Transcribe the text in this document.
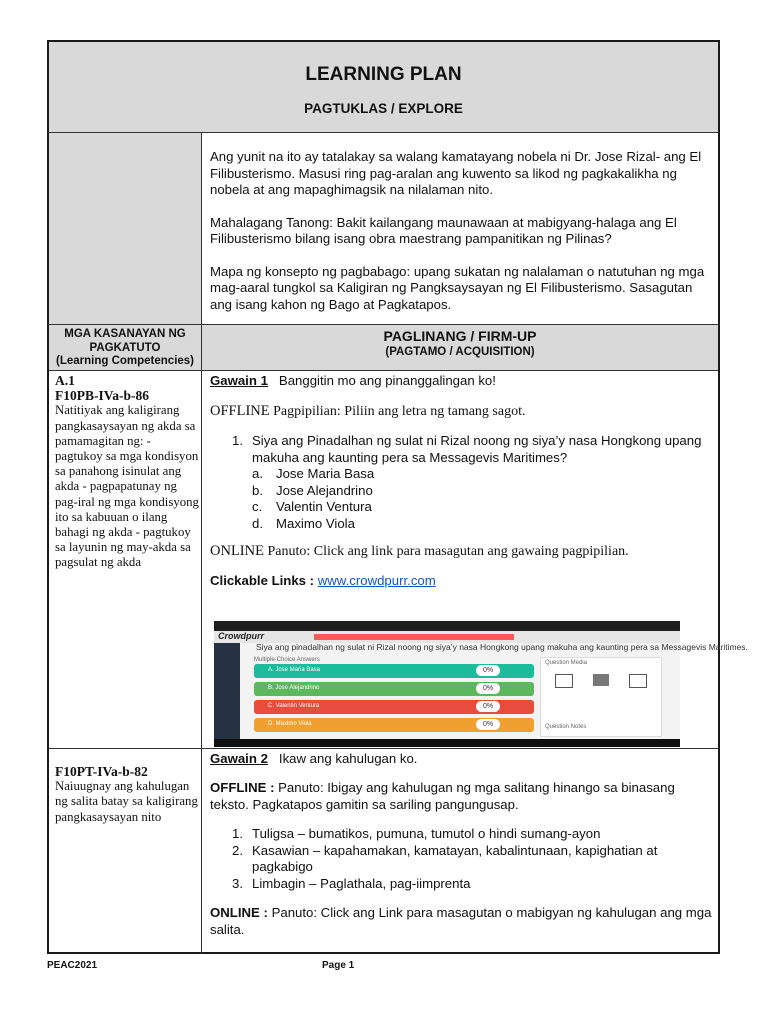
LEARNING PLAN
PAGTUKLAS / EXPLORE

Ang yunit na ito ay tatalakay sa walang kamatayang nobela ni Dr. Jose Rizal- ang El Filibusterismo. Masusi ring pag-aralan ang kuwento sa likod ng pagkakalikha ng nobela at ang mapaghimagsik na nilalaman nito.

Mahalagang Tanong: Bakit kailangang maunawaan at mabigyang-halaga ang El Filibusterismo bilang isang obra maestrang pampanitikan ng Pilinas?

Mapa ng konsepto ng pagbabago: upang sukatan ng nalalaman o natutuhan ng mga mag-aaral tungkol sa Kaligiran ng Pangksaysayan ng El Filibusterismo. Sasagutan ang isang kahon ng Bago at Pagkatapos.

MGA KASANAYAN NG
PAGKATUTO
(Learning Competencies)
PAGLINANG / FIRM-UP
(PAGTAMO / ACQUISITION)
A.1
F10PB-IVa-b-86
Natitiyak ang kaligirang pangkasaysayan ng akda sa pamamagitan ng: - pagtukoy sa mga kondisyon sa panahong isinulat ang akda - pagpapatunay ng pag-iral ng mga kondisyong ito sa kabuuan o ilang bahagi ng akda - pagtukoy sa layunin ng may-akda sa pagsulat ng akda
Gawain 1 Banggitin mo ang pinanggalingan ko!
OFFLINE Pagpipilian: Piliin ang letra ng tamang sagot.
1. Siya ang Pinadalhan ng sulat ni Rizal noong ng siya’y nasa Hongkong upang makuha ang kaunting pera sa Messagevis Maritimes?
a. Jose Maria Basa
b. Jose Alejandrino
c. Valentin Ventura
d. Maximo Viola
ONLINE Panuto: Click ang link para masagutan ang gawaing pagpipilian.
Clickable Links : www.crowdpurr.com
Crowdpurr
Siya ang pinadalhan ng sulat ni Rizal noong ng siya’y nasa Hongkong upang makuha ang kaunting pera sa Messagevis Maritimes.
Multiple-Choice Answers
A. Jose Maria Basa	0%
B. Jose Alejandrino	0%
C. Valentin Ventura	0%
D. Maximo Viola	0%
Question Media
Question Notes
F10PT-IVa-b-82
Naiuugnay ang kahulugan ng salita batay sa kaligirang pangkasaysayan nito
Gawain 2 Ikaw ang kahulugan ko.
OFFLINE : Panuto: Ibigay ang kahulugan ng mga salitang hinango sa binasang teksto. Pagkatapos gamitin sa sariling pangungusap.
1. Tuligsa – bumatikos, pumuna, tumutol o hindi sumang-ayon
2. Kasawian – kapahamakan, kamatayan, kabalintunaan, kapighatian at pagkabigo
3. Limbagin – Paglathala, pag-iimprenta
ONLINE : Panuto: Click ang Link para masagutan o mabigyan ng kahulugan ang mga salita.
PEAC2021	Page 1
